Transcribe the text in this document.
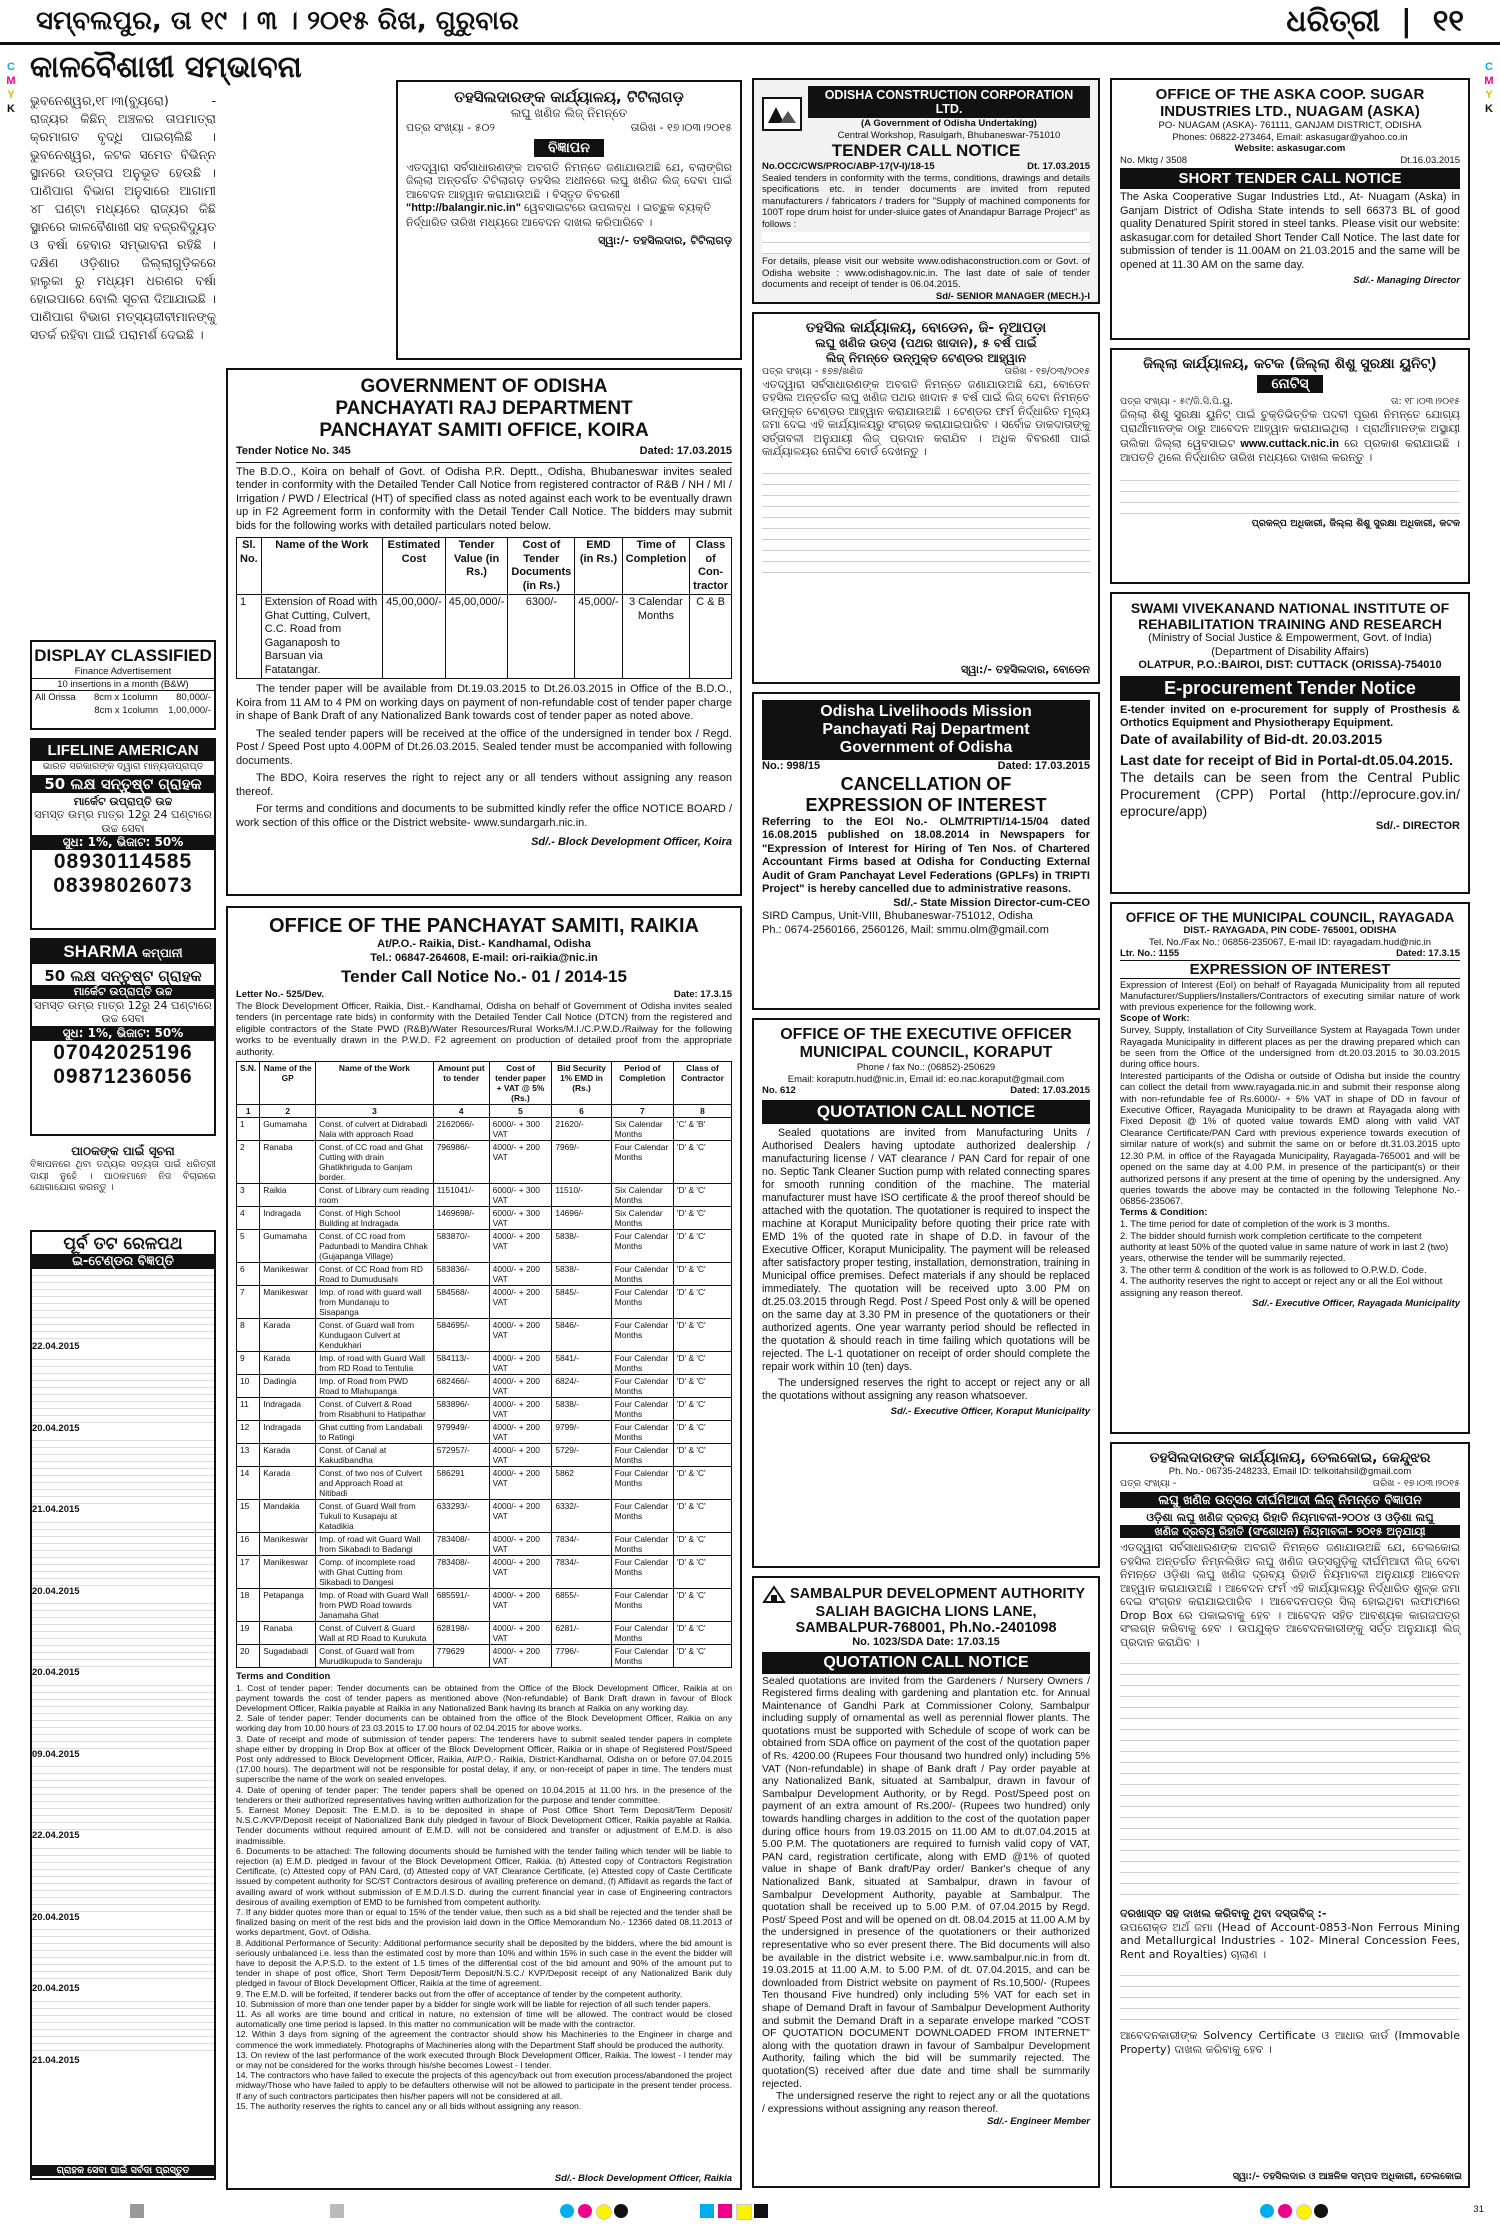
ସମ୍ବଲପୁର, ତା ୧୯ । ୩ । ୨୦୧୫ ରିଖ, ଗୁରୁବାର	ଧରିତ୍ରୀ  |  ୧୧
C
M
Y
K
C
M
Y
K
କାଳବୈଶାଖୀ ସମ୍ଭାବନା
ଭୁବନେଶ୍ୱର,୧୮।୩(ବ୍ୟୁରୋ) - ରାଜ୍ୟର କିଛିନ୍ ଅଞ୍ଚଳର ତାପମାତ୍ରା କ୍ରମାଗତ ବୃଦ୍ଧି ପାଇଚାଲିଛି । ଭୁବନେଶ୍ୱର, କଟକ ସମେତ ବିଭିନ୍ନ ସ୍ଥାନରେ ଉତ୍ତାପ ଅନୁଭୂତ ହେଉଛି । ପାଣିପାଗ ବିଭାଗ ଅନୁସାରେ ଆଗାମୀ ୪୮ ଘଣ୍ଟା ମଧ୍ୟରେ ରାଜ୍ୟର କିଛି ସ୍ଥାନରେ କାଳବୈଶାଖୀ ସହ ବଜ୍ରବିଦ୍ୟୁତ ଓ ବର୍ଷା ହେବାର ସମ୍ଭାବନା ରହିଛି । ଦକ୍ଷିଣ ଓଡ଼ିଶାର ଜିଲ୍ଲାଗୁଡ଼ିକରେ ହାଲୁକା ରୁ ମଧ୍ୟମ ଧରଣର ବର୍ଷା ହୋଇପାରେ ବୋଲି ସୂଚନା ଦିଆଯାଇଛି । ପାଣିପାଗ ବିଭାଗ ମତ୍ସ୍ୟଜୀବୀମାନଙ୍କୁ ସତର୍କ ରହିବା ପାଇଁ ପରାମର୍ଶ ଦେଇଛି ।
DISPLAY CLASSIFIED
Finance Advertisement
10 insertions in a month (B&W)
All Orissa 8cm x 1column 80,000/-
8cm x 1column 1,00,000/-
LIFELINE AMERICAN
ଭାରତ ସରକାରଙ୍କ ଦ୍ୱାରା ମାନ୍ୟତାପ୍ରାପ୍ତ
50 ଲକ୍ଷ ସନ୍ତୁଷ୍ଟ ଗ୍ରାହକ
ମାର୍କେଟ ଉପ୍ରାପ୍ତି ଉଚ୍ଚ
ସମସ୍ତ ଉମ୍ର ମାତ୍ର 12ରୁ 24 ଘଣ୍ଟାରେ ଉଚ୍ଚ ସେବା
ସୁଧ: 1%, ଭିଜାଟ: 50%
08930114585
08398026073
SHARMA କମ୍ପାନୀ
50 ଲକ୍ଷ ସନ୍ତୁଷ୍ଟ ଗ୍ରାହକ
ମାର୍କେଟ ଉପ୍ରାପ୍ତି ଉଚ୍ଚ
ସମସ୍ତ ଉମ୍ର ମାତ୍ର 12ରୁ 24 ଘଣ୍ଟାରେ ଉଚ୍ଚ ସେବା
ସୁଧ: 1%, ଭିଜାଟ: 50%
07042025196
09871236056
ପାଠକଙ୍କ ପାଇଁ ସୂଚନା
ବିଜ୍ଞାପନରେ ଥିବା ତଥ୍ୟର ସତ୍ୟତା ପାଇଁ ଧରିତ୍ରୀ ଦାୟୀ ନୁହେଁ । ପାଠକମାନେ ନିଜ ବିଚାରରେ ଯୋଗାଯୋଗ କରନ୍ତୁ ।
ପୂର୍ବ ତଟ ରେଳପଥ
ଇ-ଟେଣ୍ଡର ବିଜ୍ଞପ୍ତି
22.04.2015
20.04.2015
21.04.2015
20.04.2015
20.04.2015
09.04.2015
22.04.2015
20.04.2015
20.04.2015
21.04.2015
ଗ୍ରାହକ ସେବା ପାଇଁ ସର୍ବଦା ପ୍ରସ୍ତୁତ
ତହସିଲଦାରଙ୍କ କାର୍ଯ୍ୟାଳୟ, ଟିଟିଲାଗଡ଼
ଲଘୁ ଖଣିଜ ଲିଜ୍ ନିମନ୍ତେ
ପତ୍ର ସଂଖ୍ୟା - ୫୦୨	ତାରିଖ - ୧୭।୦୩।୨୦୧୫
ବିଜ୍ଞାପନ
ଏତଦ୍ୱାରା ସର୍ବସାଧାରଣଙ୍କ ଅବଗତି ନିମନ୍ତେ ଜଣାଯାଉଅଛି ଯେ, ବଲାଙ୍ଗିର ଜିଲ୍ଲା ଅନ୍ତର୍ଗତ ଟିଟିଲାଗଡ଼ ତହସିଲ ଅଧୀନରେ ଲଘୁ ଖଣିଜ ଲିଜ୍ ଦେବା ପାଇଁ ଆବେଦନ ଆହ୍ୱାନ କରାଯାଉଅଛି । ବିସ୍ତୃତ ବିବରଣୀ
"http://balangir.nic.in" ୱେବସାଇଟରେ ଉପଲବ୍ଧ । ଇଚ୍ଛୁକ ବ୍ୟକ୍ତି ନିର୍ଦ୍ଧାରିତ ତାରିଖ ମଧ୍ୟରେ ଆବେଦନ ଦାଖଲ କରିପାରିବେ ।
ସ୍ୱା:/- ତହସିଲଦାର, ଟିଟିଲାଗଡ଼
GOVERNMENT OF ODISHA
PANCHAYATI RAJ DEPARTMENT
PANCHAYAT SAMITI OFFICE, KOIRA
Tender Notice No. 345	Dated: 17.03.2015
The B.D.O., Koira on behalf of Govt. of Odisha P.R. Deptt., Odisha, Bhubaneswar invites sealed tender in conformity with the Detailed Tender Call Notice from registered contractor of R&B / NH / MI / Irrigation / PWD / Electrical (HT) of specified class as noted against each work to be eventually drawn up in F2 Agreement form in conformity with the Detail Tender Call Notice. The bidders may submit bids for the following works with detailed particulars noted below.
Sl. No.	Name of the Work	Estimated Cost	Tender Value (in Rs.)	Cost of Tender Documents (in Rs.)	EMD (in Rs.)	Time of Completion	Class of Con-tractor
1	Extension of Road with Ghat Cutting, Culvert, C.C. Road from Gaganaposh to Barsuan via Fatatangar.	45,00,000/-	45,00,000/-	6300/-	45,000/-	3 Calendar Months	C & B
The tender paper will be available from Dt.19.03.2015 to Dt.26.03.2015 in Office of the B.D.O., Koira from 11 AM to 4 PM on working days on payment of non-refundable cost of tender paper charge in shape of Bank Draft of any Nationalized Bank towards cost of tender paper as noted above.
The sealed tender papers will be received at the office of the undersigned in tender box / Regd. Post / Speed Post upto 4.00PM of Dt.26.03.2015. Sealed tender must be accompanied with following documents.
The BDO, Koira reserves the right to reject any or all tenders without assigning any reason thereof.
For terms and conditions and documents to be submitted kindly refer the office NOTICE BOARD / work section of this office or the District website- www.sundargarh.nic.in.
Sd/.- Block Development Officer, Koira
OFFICE OF THE PANCHAYAT SAMITI, RAIKIA
At/P.O.- Raikia, Dist.- Kandhamal, Odisha
Tel.: 06847-264608, E-mail: ori-raikia@nic.in
Tender Call Notice No.- 01 / 2014-15
Letter No.- 525/Dev.	Date: 17.3.15
The Block Development Officer, Raikia, Dist.- Kandhamal, Odisha on behalf of Government of Odisha invites sealed tenders (in percentage rate bids) in conformity with the Detailed Tender Call Notice (DTCN) from the registered and eligible contractors of the State PWD (R&B)/Water Resources/Rural Works/M.I./C.P.W.D./Railway for the following works to be eventually drawn in the P.W.D. F2 agreement on production of detailed proof from the appropriate authority.
S.N.	Name of the GP	Name of the Work	Amount put to tender	Cost of tender paper + VAT @ 5% (Rs.)	Bid Security 1% EMD in (Rs.)	Period of Completion	Class of Contractor
1	2	3	4	5	6	7	8
1	Gumamaha	Const. of culvert at Didrabadi Nala with approach Road	2162066/-	6000/- + 300 VAT	21620/-	Six Calendar Months	'C' & 'B'
2	Ranaba	Const. of CC road and Ghat Cutting with drain Ghatikhriguda to Ganjam border.	796986/-	4000/- + 200 VAT	7969/-	Four Calendar Months	'D' & 'C'
3	Raikia	Const. of Library cum reading room	1151041/-	6000/- + 300 VAT	11510/-	Six Calendar Months	'D' & 'C'
4	Indragada	Const. of High School Building at Indragada	1469698/-	6000/- + 300 VAT	14696/-	Six Calendar Months	'D' & 'C'
5	Gumamaha	Const. of CC road from Padunbadi to Mandira Chhak (Gujapanga Village)	583870/-	4000/- + 200 VAT	5838/-	Four Calendar Months	'D' & 'C'
6	Manikeswar	Const. of CC Road from RD Road to Dumudusahi	583836/-	4000/- + 200 VAT	5838/-	Four Calendar Months	'D' & 'C'
7	Manikeswar	Imp. of road with guard wall from Mundanaju to Sisapanga	584568/-	4000/- + 200 VAT	5845/-	Four Calendar Months	'D' & 'C'
8	Karada	Const. of Guard wall from Kundugaon Culvert at Kendukhari	584695/-	4000/- + 200 VAT	5846/-	Four Calendar Months	'D' & 'C'
9	Karada	Imp. of road with Guard Wall from RD Road to Tentulia	584113/-	4000/- + 200 VAT	5841/-	Four Calendar Months	'D' & 'C'
10	Dadingia	Imp. of Road from PWD Road to Mlahupanga	682466/-	4000/- + 200 VAT	6824/-	Four Calendar Months	'D' & 'C'
11	Indragada	Const. of Culvert & Road from Risabhuni to Hatipathar	583896/-	4000/- + 200 VAT	5838/-	Four Calendar Months	'D' & 'C'
12	Indragada	Ghat cutting from Landabali to Ratingi	979949/-	4000/- + 200 VAT	9799/-	Four Calendar Months	'D' & 'C'
13	Karada	Const. of Canal at Kakudibandha	572957/-	4000/- + 200 VAT	5729/-	Four Calendar Months	'D' & 'C'
14	Karada	Const. of two nos of Culvert and Approach Road at Nitibadi	586291	4000/- + 200 VAT	5862	Four Calendar Months	'D' & 'C'
15	Mandakia	Const. of Guard Wall from Tukuli to Kusapaju at Katadikia	633293/-	4000/- + 200 VAT	6332/-	Four Calendar Months	'D' & 'C'
16	Manikeswar	Imp. of road wit Guard Wall from Sikabadi to Badangi	783408/-	4000/- + 200 VAT	7834/-	Four Calendar Months	'D' & 'C'
17	Manikeswar	Comp. of incomplete road with Ghat Cutting from Sikabadi to Dangesi	783408/-	4000/- + 200 VAT	7834/-	Four Calendar Months	'D' & 'C'
18	Petapanga	Imp. of Road with Guard Wall from PWD Road towards Janamaha Ghat	685591/-	4000/- + 200 VAT	6855/-	Four Calendar Months	'D' & 'C'
19	Ranaba	Const. of Culvert & Guard Wall at RD Road to Kurukuta	628198/-	4000/- + 200 VAT	6281/-	Four Calendar Months	'D' & 'C'
20	Sugadabadi	Const. of Guard wall from Murudikupuda to Sanderaju	779629	4000/- + 200 VAT	7796/-	Four Calendar Months	'D' & 'C'
Terms and Condition
1. Cost of tender paper: Tender documents can be obtained from the Office of the Block Development Officer, Raikia at on payment towards the cost of tender papers as mentioned above (Non-refundable) of Bank Draft drawn in favour of Block Development Officer, Raikia payable at Raikia in any Nationalized Bank having its branch at Raikia on any working day.
2. Sale of tender paper: Tender documents can be obtained from the office of the Block Development Officer, Raikia on any working day from 10.00 hours of 23.03.2015 to 17.00 hours of 02.04.2015 for above works.
3. Date of receipt and mode of submission of tender papers: The tenderers have to submit sealed tender papers in complete shape either by dropping in Drop Box at officer of the Block Development Officer, Raikia or in shape of Registered Post/Speed Post only addressed to Block Development Officer, Raikia, At/P.O.- Raikia, District-Kandhamal, Odisha on or before 07.04.2015 (17.00 hours). The department will not be responsible for postal delay, if any, or non-receipt of paper in time. The tenders must superscribe the name of the work on sealed envelopes.
4. Date of opening of tender paper: The tender papers shall be opened on 10.04.2015 at 11.00 hrs. in the presence of the tenderers or their authorized representatives having written authorization for the purpose and tender committee.
5. Earnest Money Deposit: The E.M.D. is to be deposited in shape of Post Office Short Term Deposit/Term Deposit/ N.S.C./KVP/Deposit receipt of Nationalized Bank duly pledged in favour of Block Development Officer, Raikia payable at Raikia. Tender documents without required amount of E.M.D. will not be considered and transfer or adjustment of E.M.D. is also inadmissible.
6. Documents to be attached: The following documents should be furnished with the tender failing which tender will be liable to rejection (a) E.M.D. pledged in favour of the Block Development Officer, Raikia. (b) Attested copy of Contractors Registration Certificate, (c) Attested copy of PAN Card, (d) Attested copy of VAT Clearance Certificate, (e) Attested copy of Caste Certificate issued by competent authority for SC/ST Contractors desirous of availing preference on demand, (f) Affidavit as regards the fact of availing award of work without submission of E.M.D./I.S.D. during the current financial year in case of Engineering contractors desirous of availing exemption of EMD to be furnished from competent authority.
7. If any bidder quotes more than or equal to 15% of the tender value, then such as a bid shall be rejected and the tender shall be finalized basing on merit of the rest bids and the provision laid down in the Office Memorandum No.- 12366 dated 08.11.2013 of works department, Govt. of Odisha.
8. Additional Performance of Security: Additional performance security shall be deposited by the bidders, where the bid amount is seriously unbalanced i.e. less than the estimated cost by more than 10% and within 15% in such case in the event the bidder will have to deposit the A.P.S.D. to the extent of 1.5 times of the differential cost of the bid amount and 90% of the amount put to tender in shape of post office, Short Term Deposit/Term Deposit/N.S.C./ KVP/Deposit receipt of any Nationalized Bank duly pledged in favour of Block Development Officer, Raikia at the time of agreement.
9. The E.M.D. will be forfeited, if tenderer backs out from the offer of acceptance of tender by the competent authority.
10. Submission of more than one tender paper by a bidder for single work will be liable for rejection of all such tender papers.
11. As all works are time bound and critical in nature, no extension of time will be allowed. The contract would be closed automatically one time period is lapsed. In this matter no communication will be made with the contractor.
12. Within 3 days from signing of the agreement the contractor should show his Machineries to the Engineer in charge and commence the work immediately. Photographs of Machineries along with the Department Staff should be produced the authority.
13. On review of the last performance of the work executed through Block Development Officer, Raikia. The lowest - I tender may or may not be considered for the works through his/she becomes Lowest - I tender.
14. The contractors who have failed to execute the projects of this agency/back out from execution process/abandoned the project midway/Those who have failed to apply to be defaulters otherwise will not be allowed to participate in the present tender process. If any of such contractors participates then his/her papers will not be considered at all.
15. The authority reserves the rights to cancel any or all bids without assigning any reason.
Sd/.- Block Development Officer, Raikia
ODISHA CONSTRUCTION CORPORATION LTD.
(A Government of Odisha Undertaking)
Central Workshop, Rasulgarh, Bhubaneswar-751010
TENDER CALL NOTICE
No.OCC/CWS/PROC/ABP-17(V-I)/18-15	Dt. 17.03.2015
Sealed tenders in conformity with the terms, conditions, drawings and details specifications etc. in tender documents are invited from reputed manufacturers / fabricators / traders for "Supply of machined components for 100T rope drum hoist for under-sluice gates of Anandapur Barrage Project" as follows :
For details, please visit our website www.odishaconstruction.com or Govt. of Odisha website : www.odishagov.nic.in. The last date of sale of tender documents and receipt of tender is 06.04.2015.
Sd/- SENIOR MANAGER (MECH.)-I
ତହସିଲ କାର୍ଯ୍ୟାଳୟ, ବୋଡେନ, ଜି- ନୂଆପଡ଼ା
ଲଘୁ ଖଣିଜ ଉତ୍ସ (ପଥର ଖାଦାନ), ୫ ବର୍ଷ ପାଇଁ
ଲିଜ୍ ନିମନ୍ତେ ଉନ୍ମୁକ୍ତ ଟେଣ୍ଡର ଆହ୍ୱାନ
ପତ୍ର ସଂଖ୍ୟା - ୫୭୭/ଖଣିଜ	ତାରିଖ - ୧୭/୦୩/୨୦୧୫
ଏତଦ୍ୱାରା ସର୍ବସାଧାରଣଙ୍କ ଅବଗତି ନିମନ୍ତେ ଜଣାଯାଉଅଛି ଯେ, ବୋଡେନ ତହସିଲ ଅନ୍ତର୍ଗତ ଲଘୁ ଖଣିଜ ପଥର ଖାଦାନ ୫ ବର୍ଷ ପାଇଁ ଲିଜ୍ ଦେବା ନିମନ୍ତେ ଉନ୍ମୁକ୍ତ ଟେଣ୍ଡର ଆହ୍ୱାନ କରାଯାଉଅଛି । ଟେଣ୍ଡର ଫର୍ମ ନିର୍ଦ୍ଧାରିତ ମୂଲ୍ୟ ଜମା ଦେଇ ଏହି କାର୍ଯ୍ୟାଳୟରୁ ସଂଗ୍ରହ କରାଯାଇପାରିବ । ସର୍ବୋଚ୍ଚ ଡାକଦାତାଙ୍କୁ ସର୍ତ୍ତାବଳୀ ଅନୁଯାୟୀ ଲିଜ୍ ପ୍ରଦାନ କରାଯିବ । ଅଧିକ ବିବରଣୀ ପାଇଁ କାର୍ଯ୍ୟାଳୟର ନୋଟିସ ବୋର୍ଡ ଦେଖନ୍ତୁ ।
ସ୍ୱା:/- ତହସିଲଦାର, ବୋଡେନ
Odisha Livelihoods Mission
Panchayati Raj Department
Government of Odisha
No.: 998/15	Dated: 17.03.2015
CANCELLATION OF
EXPRESSION OF INTEREST
Referring to the EOI No.- OLM/TRIPTI/14-15/04 dated 16.08.2015 published on 18.08.2014 in Newspapers for "Expression of Interest for Hiring of Ten Nos. of Chartered Accountant Firms based at Odisha for Conducting External Audit of Gram Panchayat Level Federations (GPLFs) in TRIPTI Project" is hereby cancelled due to administrative reasons.
Sd/.- State Mission Director-cum-CEO
SIRD Campus, Unit-VIII, Bhubaneswar-751012, Odisha
Ph.: 0674-2560166, 2560126, Mail: smmu.olm@gmail.com
OFFICE OF THE EXECUTIVE OFFICER
MUNICIPAL COUNCIL, KORAPUT
Phone / fax No.: (06852)-250629
Email: koraputn.hud@nic.in, Email id: eo.nac.koraput@gmail.com
No. 612	Dated: 17.03.2015
QUOTATION CALL NOTICE
Sealed quotations are invited from Manufacturing Units / Authorised Dealers having uptodate authorized dealership / manufacturing license / VAT clearance / PAN Card for repair of one no. Septic Tank Cleaner Suction pump with related connecting spares for smooth running condition of the machine. The material manufacturer must have ISO certificate & the proof thereof should be attached with the quotation. The quotationer is required to inspect the machine at Koraput Municipality before quoting their price rate with EMD 1% of the quoted rate in shape of D.D. in favour of the Executive Officer, Koraput Municipality. The payment will be released after satisfactory proper testing, installation, demonstration, training in Municipal office premises. Defect materials if any should be replaced immediately. The quotation will be received upto 3.00 PM on dt.25.03.2015 through Regd. Post / Speed Post only & will be opened on the same day at 3.30 PM in presence of the quotationers or their authorized agents. One year warranty period should be reflected in the quotation & should reach in time failing which quotations will be rejected. The L-1 quotationer on receipt of order should complete the repair work within 10 (ten) days.
The undersigned reserves the right to accept or reject any or all the quotations without assigning any reason whatsoever.
Sd/.- Executive Officer, Koraput Municipality
SAMBALPUR DEVELOPMENT AUTHORITY
SALIAH BAGICHA LIONS LANE,
SAMBALPUR-768001, Ph.No.-2401098
No. 1023/SDA Date: 17.03.15
QUOTATION CALL NOTICE
Sealed quotations are invited from the Gardeners / Nursery Owners / Registered firms dealing with gardening and plantation etc. for Annual Maintenance of Gandhi Park at Commissioner Colony, Sambalpur including supply of ornamental as well as perennial flower plants. The quotations must be supported with Schedule of scope of work can be obtained from SDA office on payment of the cost of the quotation paper of Rs. 4200.00 (Rupees Four thousand two hundred only) including 5% VAT (Non-refundable) in shape of Bank draft / Pay order payable at any Nationalized Bank, situated at Sambalpur, drawn in favour of Sambalpur Development Authority, or by Regd. Post/Speed post on payment of an extra amount of Rs.200/- (Rupees two hundred) only towards handling charges in addition to the cost of the quotation paper during office hours from 19.03.2015 on 11.00 AM to dt.07.04.2015 at 5.00 P.M. The quotationers are required to furnish valid copy of VAT, PAN card, registration certificate, along with EMD @1% of quoted value in shape of Bank draft/Pay order/ Banker's cheque of any Nationalized Bank, situated at Sambalpur, drawn in favour of Sambalpur Development Authority, payable at Sambalpur. The quotation shall be received up to 5.00 P.M. of 07.04.2015 by Regd. Post/ Speed Post and will be opened on dt. 08.04.2015 at 11.00 A.M by the undersigned in presence of the quotationers or their authorized representative who so ever present there. The Bid documents will also be available in the district website i.e. www.sambalpur.nic.in from dt. 19.03.2015 at 11.00 A.M. to 5.00 P.M. of dt. 07.04.2015, and can be downloaded from District website on payment of Rs.10,500/- (Rupees Ten thousand Five hundred) only including 5% VAT for each set in shape of Demand Draft in favour of Sambalpur Development Authority and submit the Demand Draft in a separate envelope marked "COST OF QUOTATION DOCUMENT DOWNLOADED FROM INTERNET" along with the quotation drawn in favour of Sambalpur Development Authority, failing which the bid will be summarily rejected. The quotation(S) received after due date and time shall be summarily rejected.
The undersigned reserve the right to reject any or all the quotations / expressions without assigning any reason thereof.
Sd/.- Engineer Member
OFFICE OF THE ASKA COOP. SUGAR
INDUSTRIES LTD., NUAGAM (ASKA)
PO- NUAGAM (ASKA)- 761111, GANJAM DISTRICT, ODISHA
Phones: 06822-273464, Email: askasugar@yahoo.co.in
Website: askasugar.com
No. Mktg / 3508	Dt.16.03.2015
SHORT TENDER CALL NOTICE
The Aska Cooperative Sugar Industries Ltd., At- Nuagam (Aska) in Ganjam District of Odisha State intends to sell 66373 BL of good quality Denatured Spirit stored in steel tanks. Please visit our website: askasugar.com for detailed Short Tender Call Notice. The last date for submission of tender is 11.00AM on 21.03.2015 and the same will be opened at 11.30 AM on the same day.
Sd/.- Managing Director
ଜିଲ୍ଲା କାର୍ଯ୍ୟାଳୟ, କଟକ (ଜିଲ୍ଲା ଶିଶୁ ସୁରକ୍ଷା ୟୁନିଟ୍)
ନୋଟିସ୍
ପତ୍ର ସଂଖ୍ୟା - ୫୯/ଜି.ସି.ପି.ୟୁ.	ତା: ୧୮।୦୩।୨୦୧୫
ଜିଲ୍ଲା ଶିଶୁ ସୁରକ୍ଷା ୟୁନିଟ୍ ପାଇଁ ଚୁକ୍ତିଭିତ୍ତିକ ପଦବୀ ପୂରଣ ନିମନ୍ତେ ଯୋଗ୍ୟ ପ୍ରାର୍ଥୀମାନଙ୍କ ଠାରୁ ଆବେଦନ ଆହ୍ୱାନ କରାଯାଇଥିଲା । ପ୍ରାର୍ଥୀମାନଙ୍କ ଅସ୍ଥାୟୀ ତାଲିକା ଜିଲ୍ଲା ୱେବସାଇଟ www.cuttack.nic.in ରେ ପ୍ରକାଶ କରାଯାଇଛି । ଆପତ୍ତି ଥିଲେ ନିର୍ଦ୍ଧାରିତ ତାରିଖ ମଧ୍ୟରେ ଦାଖଲ କରନ୍ତୁ ।
ପ୍ରକଳ୍ପ ଅଧିକାରୀ, ଜିଲ୍ଲା ଶିଶୁ ସୁରକ୍ଷା ଅଧିକାରୀ, କଟକ
SWAMI VIVEKANAND NATIONAL INSTITUTE OF
REHABILITATION TRAINING AND RESEARCH
(Ministry of Social Justice & Empowerment, Govt. of India)
(Department of Disability Affairs)
OLATPUR, P.O.:BAIROI, DIST: CUTTACK (ORISSA)-754010
E-procurement Tender Notice
E-tender invited on e-procurement for supply of Prosthesis & Orthotics Equipment and Physiotherapy Equipment.
Date of availability of Bid-dt. 20.03.2015
Last date for receipt of Bid in Portal-dt.05.04.2015.
The details can be seen from the Central Public Procurement (CPP) Portal (http://eprocure.gov.in/ eprocure/app)
Sd/.- DIRECTOR
OFFICE OF THE MUNICIPAL COUNCIL, RAYAGADA
DIST.- RAYAGADA, PIN CODE- 765001, ODISHA
Tel. No./Fax No.: 06856-235067, E-mail ID: rayagadam.hud@nic.in
Ltr. No.: 1155	Dated: 17.3.15
EXPRESSION OF INTEREST
Expression of Interest (EoI) on behalf of Rayagada Municipality from all reputed Manufacturer/Suppliers/Installers/Contractors of executing similar nature of work with previous experience for the following work.
Scope of Work:
Survey, Supply, Installation of City Surveillance System at Rayagada Town under Rayagada Municipality in different places as per the drawing prepared which can be seen from the Office of the undersigned from dt.20.03.2015 to 30.03.2015 during office hours.
Interested participants of the Odisha or outside of Odisha but inside the country can collect the detail from www.rayagada.nic.in and submit their response along with non-refundable fee of Rs.6000/- + 5% VAT in shape of DD in favour of Executive Officer, Rayagada Municipality to be drawn at Rayagada along with Fixed Deposit @ 1% of quoted value towards EMD along with valid VAT Clearance Certificate/PAN Card with previous experience towards execution of similar nature of work(s) and submit the same on or before dt.31.03.2015 upto 12.30 P.M. in office of the Rayagada Municipality, Rayagada-765001 and will be opened on the same day at 4.00 P.M. in presence of the participant(s) or their authorized persons if any present at the time of opening by the undersigned. Any queries towards the above may be contacted in the following Telephone No.- 06856-235067.
Terms & Condition:
1. The time period for date of completion of the work is 3 months.
2. The bidder should furnish work completion certificate to the competent authority at least 50% of the quoted value in same nature of work in last 2 (two) years, otherwise the tender will be summarily rejected.
3. The other term & condition of the work is as followed to O.P.W.D. Code.
4. The authority reserves the right to accept or reject any or all the EoI without assigning any reason thereof.
Sd/.- Executive Officer, Rayagada Municipality
ତହସିଲଦାରଙ୍କ କାର୍ଯ୍ୟାଳୟ, ତେଲକୋଇ, କେନ୍ଦୁଝର
Ph. No.- 06735-248233, Email ID: telkoitahsil@gmail.com
ପତ୍ର ସଂଖ୍ୟା -	ତାରିଖ - ୧୭।୦୩।୨୦୧୫
ଲଘୁ ଖଣିଜ ଉତ୍ସର ଦୀର୍ଘମିଆଦୀ ଲିଜ୍ ନିମନ୍ତେ ବିଜ୍ଞାପନ
ଓଡ଼ିଶା ଲଘୁ ଖଣିଜ ଦ୍ରବ୍ୟ ରିହାତି ନିୟମାବଳୀ-୨୦୦୪ ଓ ଓଡ଼ିଶା ଲଘୁ
ଖଣିଜ ଦ୍ରବ୍ୟ ରିହାତି (ସଂଶୋଧନ) ନିୟମାବଳୀ- ୨୦୧୫ ଅନୁଯାୟୀ
ଏତଦ୍ୱାରା ସର୍ବସାଧାରଣଙ୍କ ଅବଗତି ନିମନ୍ତେ ଜଣାଯାଉଅଛି ଯେ, ତେଲକୋଇ ତହସିଲ ଅନ୍ତର୍ଗତ ନିମ୍ନଲିଖିତ ଲଘୁ ଖଣିଜ ଉତ୍ସଗୁଡ଼ିକୁ ଦୀର୍ଘମିଆଦୀ ଲିଜ୍ ଦେବା ନିମନ୍ତେ ଓଡ଼ିଶା ଲଘୁ ଖଣିଜ ଦ୍ରବ୍ୟ ରିହାତି ନିୟମାବଳୀ ଅନୁଯାୟୀ ଆବେଦନ ଆହ୍ୱାନ କରାଯାଉଅଛି । ଆବେଦନ ଫର୍ମ ଏହି କାର୍ଯ୍ୟାଳୟରୁ ନିର୍ଦ୍ଧାରିତ ଶୁଳ୍କ ଜମା ଦେଇ ସଂଗ୍ରହ କରାଯାଇପାରିବ । ଆବେଦନପତ୍ର ସିଲ୍ ହୋଇଥିବା ଲଫାଫାରେ Drop Box ରେ ପକାଇବାକୁ ହେବ । ଆବେଦନ ସହିତ ଆବଶ୍ୟକ କାଗଜପତ୍ର ସଂଲଗ୍ନ କରିବାକୁ ହେବ । ଉପଯୁକ୍ତ ଆବେଦନକାରୀଙ୍କୁ ସର୍ତ୍ତ ଅନୁଯାୟୀ ଲିଜ୍ ପ୍ରଦାନ କରାଯିବ ।
ଦରଖାସ୍ତ ସହ ଦାଖଲ କରିବାକୁ ଥିବା ଦସ୍ତାବିଜ୍ :-
ଉପରୋକ୍ତ ଅର୍ଥ ଜମା (Head of Account-0853-Non Ferrous Mining and Metallurgical Industries - 102- Mineral Concession Fees, Rent and Royalties) ଚାଲାଣ ।
ଆବେଦନକାରୀଙ୍କ Solvency Certificate ଓ ଆଧାର କାର୍ଡ (Immovable Property) ଦାଖଲ କରିବାକୁ ହେବ ।
ସ୍ୱା:/- ତହସିଲଦାର ଓ ଆଞ୍ଚଳିକ ସମ୍ପଦ ଅଧିକାରୀ, ତେଲକୋଇ
31
